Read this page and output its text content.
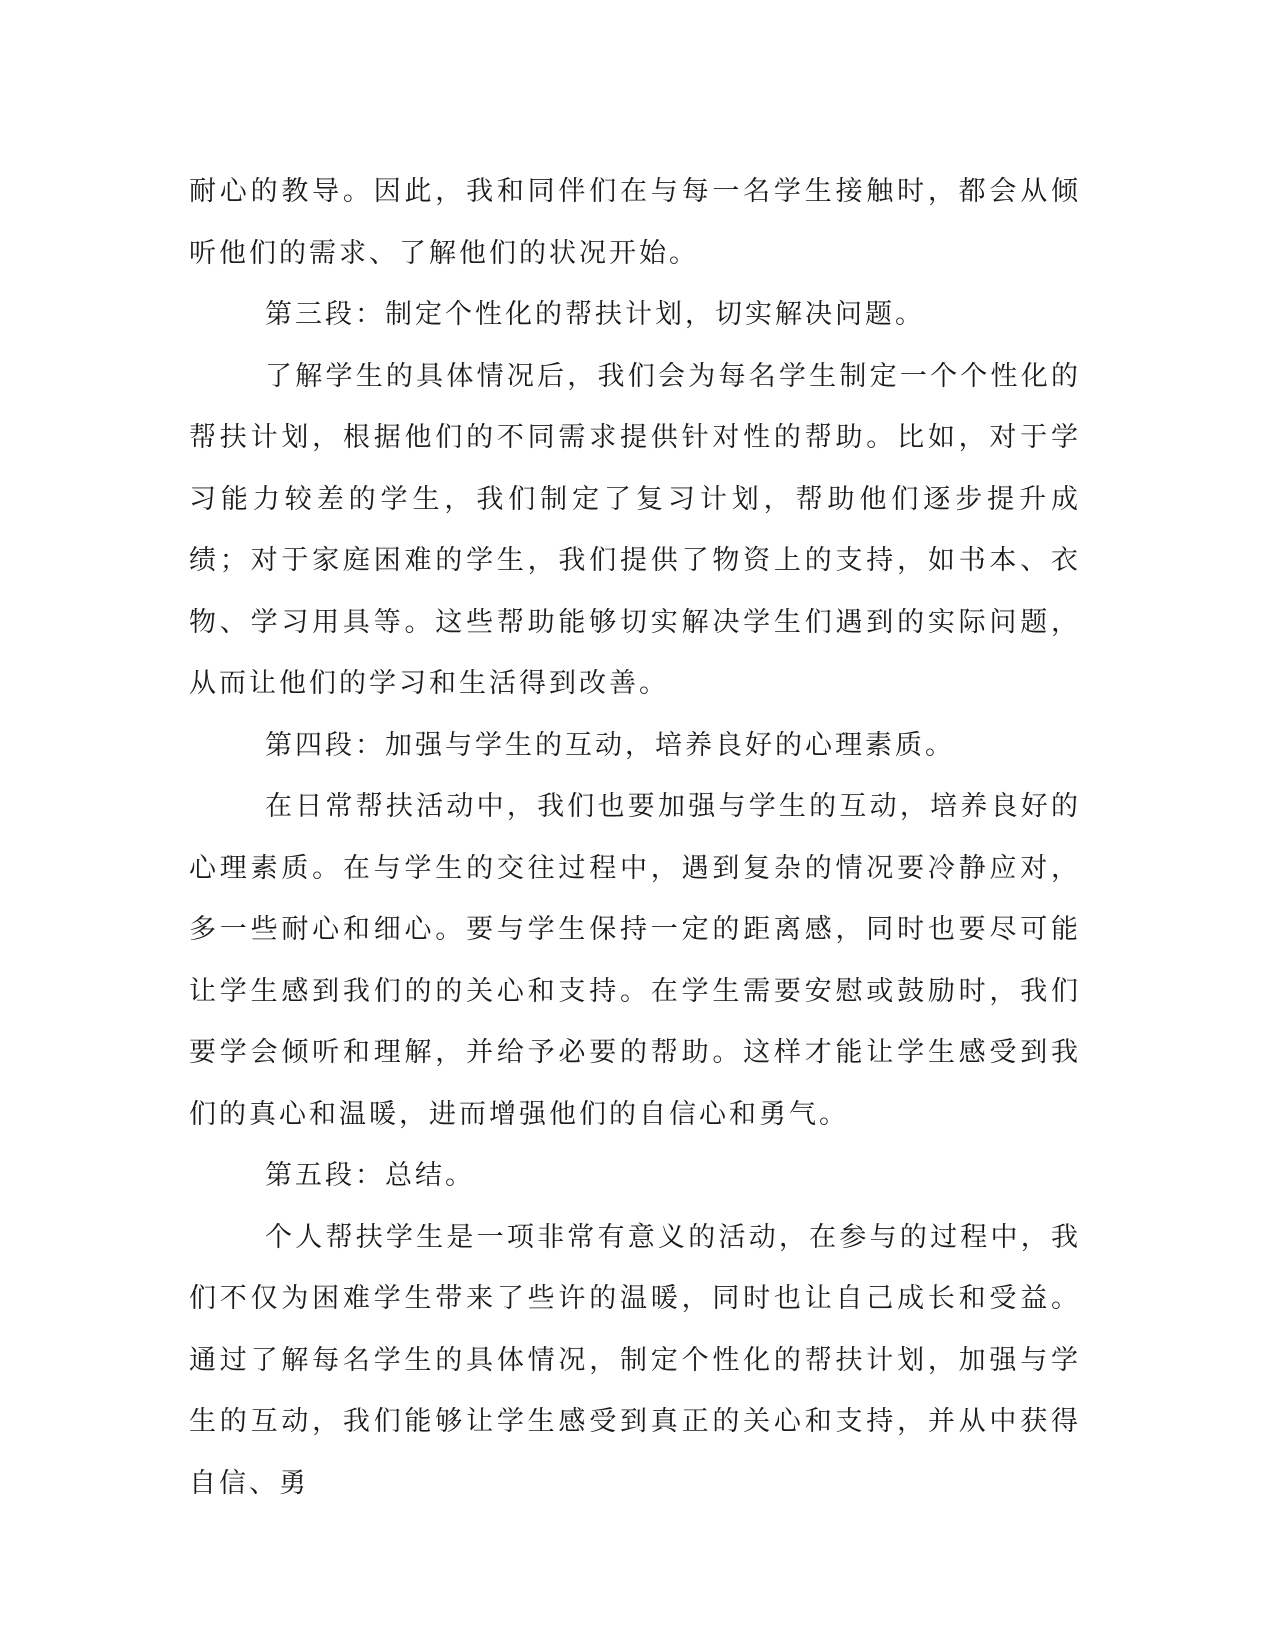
耐心的教导。因此，我和同伴们在与每一名学生接触时，都会从倾听他们的需求、了解他们的状况开始。

第三段：制定个性化的帮扶计划，切实解决问题。

了解学生的具体情况后，我们会为每名学生制定一个个性化的帮扶计划，根据他们的不同需求提供针对性的帮助。比如，对于学习能力较差的学生，我们制定了复习计划，帮助他们逐步提升成绩；对于家庭困难的学生，我们提供了物资上的支持，如书本、衣物、学习用具等。这些帮助能够切实解决学生们遇到的实际问题，从而让他们的学习和生活得到改善。

第四段：加强与学生的互动，培养良好的心理素质。

在日常帮扶活动中，我们也要加强与学生的互动，培养良好的心理素质。在与学生的交往过程中，遇到复杂的情况要冷静应对，多一些耐心和细心。要与学生保持一定的距离感，同时也要尽可能让学生感到我们的的关心和支持。在学生需要安慰或鼓励时，我们要学会倾听和理解，并给予必要的帮助。这样才能让学生感受到我们的真心和温暖，进而增强他们的自信心和勇气。

第五段：总结。

个人帮扶学生是一项非常有意义的活动，在参与的过程中，我们不仅为困难学生带来了些许的温暖，同时也让自己成长和受益。通过了解每名学生的具体情况，制定个性化的帮扶计划，加强与学生的互动，我们能够让学生感受到真正的关心和支持，并从中获得自信、勇
